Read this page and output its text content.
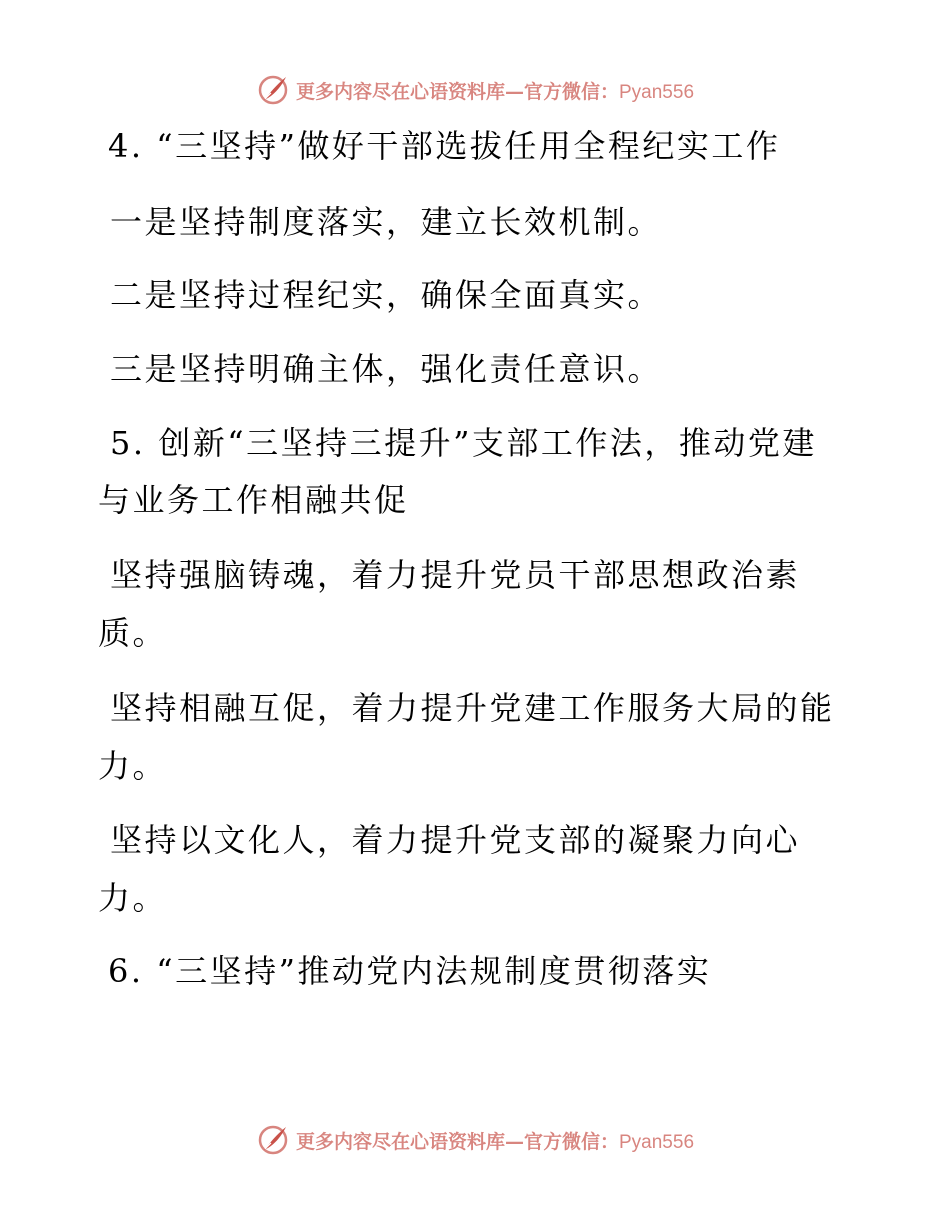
更多内容尽在心语资料库—官方微信：Pyan556
4. “三坚持”做好干部选拔任用全程纪实工作
一是坚持制度落实，建立长效机制。
二是坚持过程纪实，确保全面真实。
三是坚持明确主体，强化责任意识。
5. 创新“三坚持三提升”支部工作法，推动党建
与业务工作相融共促
坚持强脑铸魂，着力提升党员干部思想政治素
质。
坚持相融互促，着力提升党建工作服务大局的能
力。
坚持以文化人，着力提升党支部的凝聚力向心
力。
6. “三坚持”推动党内法规制度贯彻落实
更多内容尽在心语资料库—官方微信：Pyan556
